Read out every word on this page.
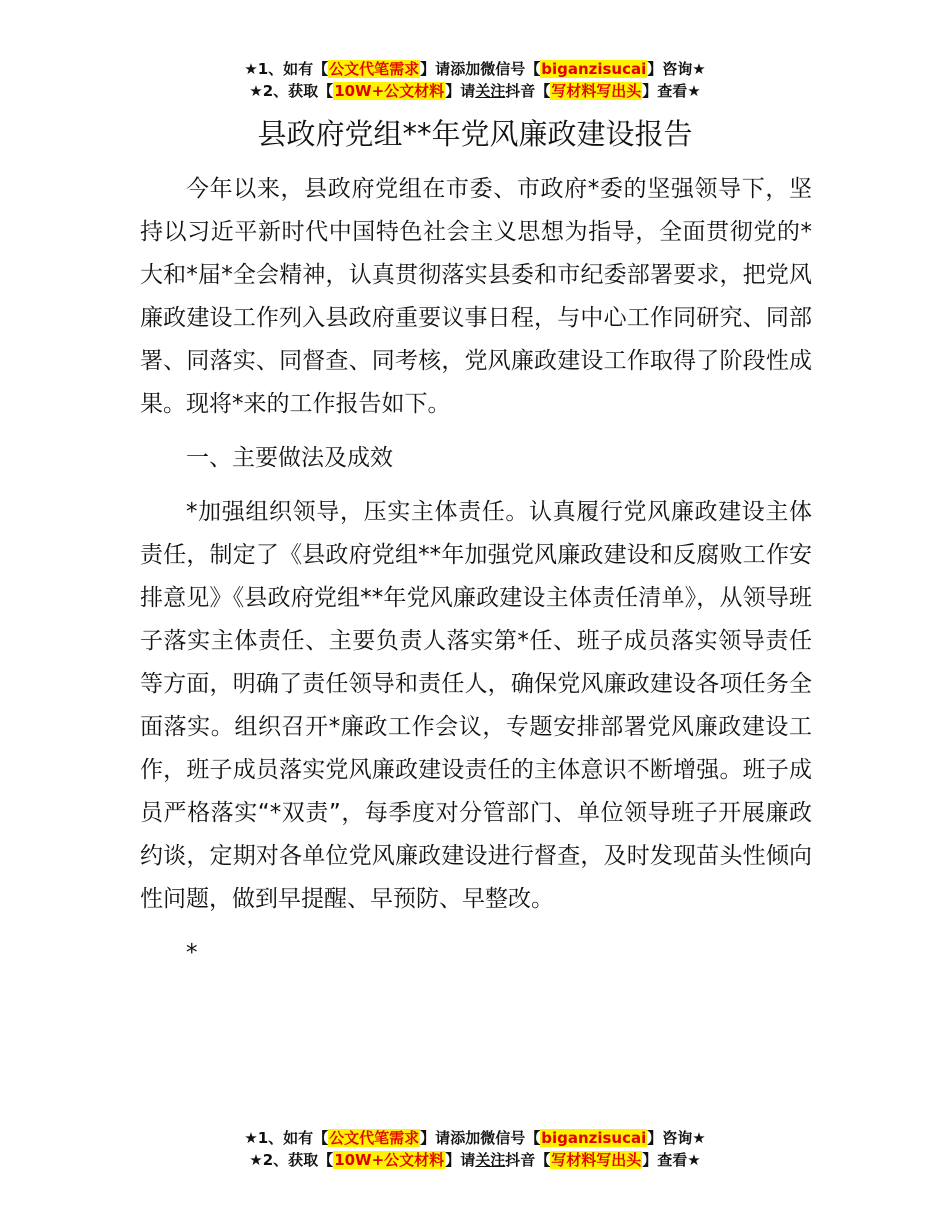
★1、如有【公文代笔需求】请添加微信号【biganzisucai】咨询★
★2、获取【10W+公文材料】请关注抖音【写材料写出头】查看★
县政府党组**年党风廉政建设报告

今年以来，县政府党组在市委、市政府*委的坚强领导下，坚持以习近平新时代中国特色社会主义思想为指导，全面贯彻党的*大和*届*全会精神，认真贯彻落实县委和市纪委部署要求，把党风廉政建设工作列入县政府重要议事日程，与中心工作同研究、同部署、同落实、同督查、同考核，党风廉政建设工作取得了阶段性成果。现将*来的工作报告如下。

一、主要做法及成效

*加强组织领导，压实主体责任。认真履行党风廉政建设主体责任，制定了《县政府党组**年加强党风廉政建设和反腐败工作安排意见》《县政府党组**年党风廉政建设主体责任清单》，从领导班子落实主体责任、主要负责人落实第*任、班子成员落实领导责任等方面，明确了责任领导和责任人，确保党风廉政建设各项任务全面落实。组织召开*廉政工作会议，专题安排部署党风廉政建设工作，班子成员落实党风廉政建设责任的主体意识不断增强。班子成员严格落实“*双责”，每季度对分管部门、单位领导班子开展廉政约谈，定期对各单位党风廉政建设进行督查，及时发现苗头性倾向性问题，做到早提醒、早预防、早整改。

*

★1、如有【公文代笔需求】请添加微信号【biganzisucai】咨询★
★2、获取【10W+公文材料】请关注抖音【写材料写出头】查看★
